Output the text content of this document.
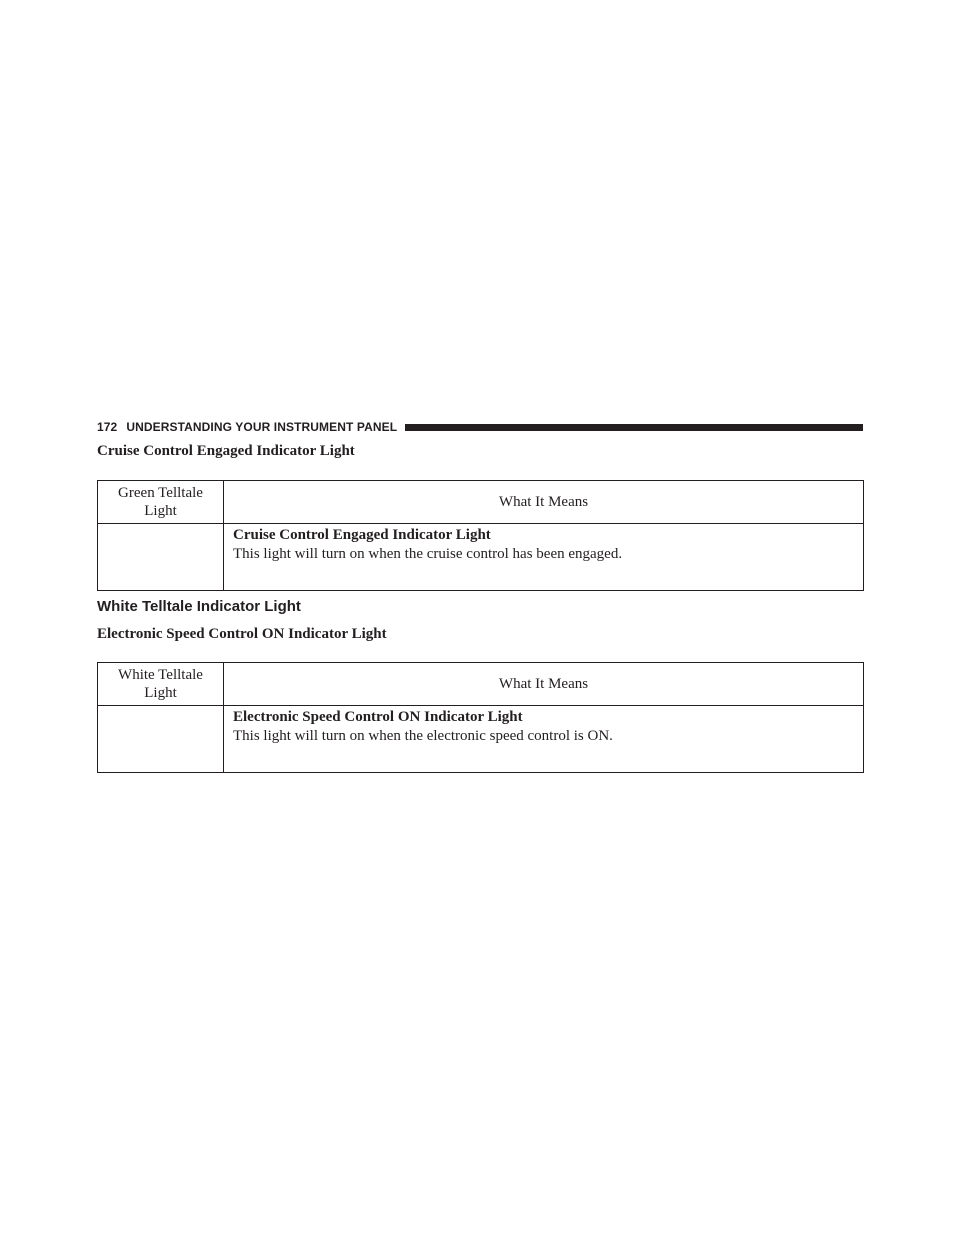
172 UNDERSTANDING YOUR INSTRUMENT PANEL
Cruise Control Engaged Indicator Light
Green Telltale
Light	What It Means

	Cruise Control Engaged Indicator Light
This light will turn on when the cruise control has been engaged.
White Telltale Indicator Light
Electronic Speed Control ON Indicator Light
White Telltale
Light	What It Means

	Electronic Speed Control ON Indicator Light
This light will turn on when the electronic speed control is ON.
